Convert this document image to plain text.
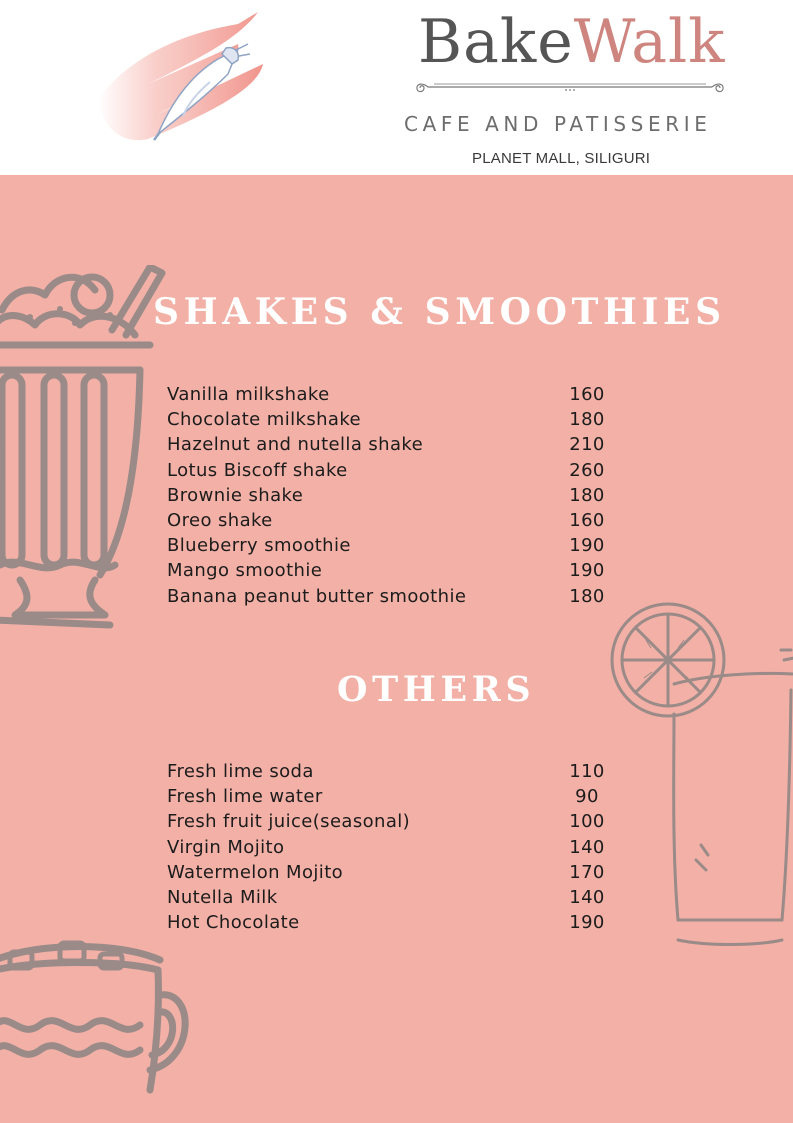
BakeWalk
CAFE AND PATISSERIE
PLANET MALL, SILIGURI
SHAKES & SMOOTHIES
Vanilla milkshake	160
Chocolate milkshake	180
Hazelnut and nutella shake	210
Lotus Biscoff shake	260
Brownie shake	180
Oreo shake	160
Blueberry smoothie	190
Mango smoothie	190
Banana peanut butter smoothie	180
OTHERS
Fresh lime soda	110
Fresh lime water	90
Fresh fruit juice(seasonal)	100
Virgin Mojito	140
Watermelon Mojito	170
Nutella Milk	140
Hot Chocolate	190
